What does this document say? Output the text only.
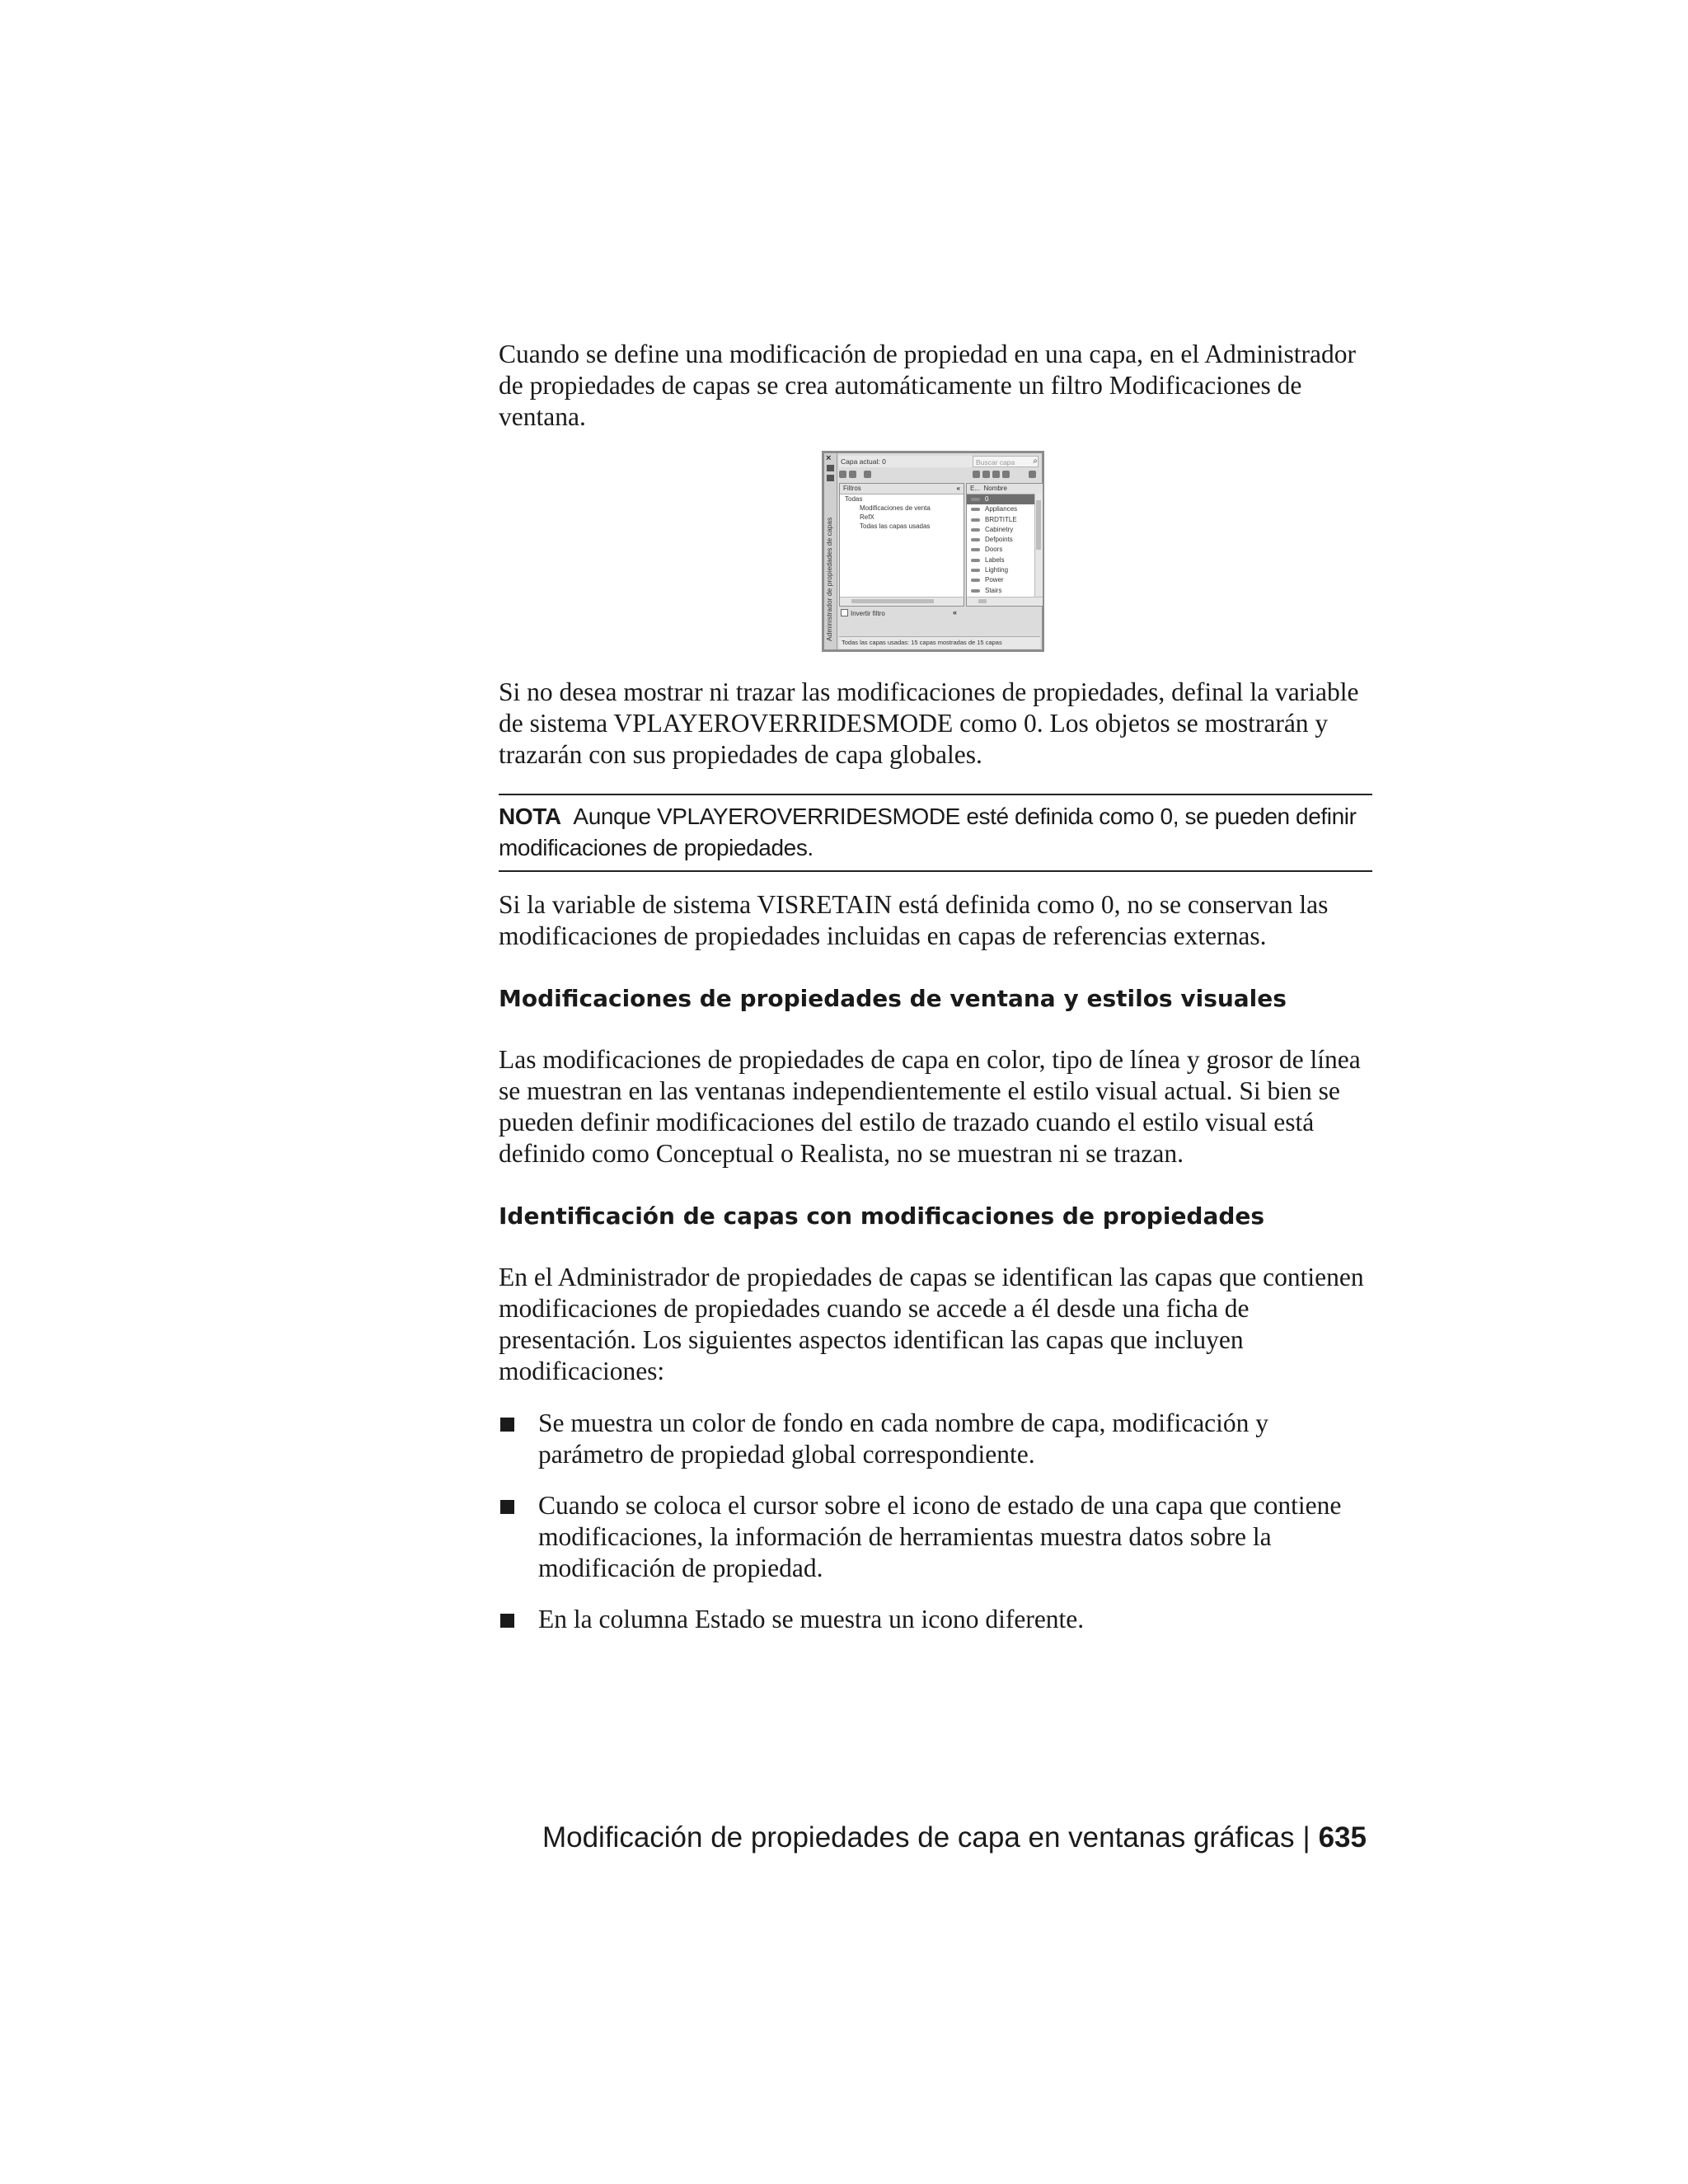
Cuando se define una modificación de propiedad en una capa, en el Administrador de propiedades de capas se crea automáticamente un filtro Modificaciones de ventana.

×
Administrador de propiedades de capas
Capa actual: 0	Buscar capa	⌕
Filtros	«
Todas
Modificaciones de venta
RefX
Todas las capas usadas
E... Nombre
0
Appliances
BRDTITLE
Cabinetry
Defpoints
Doors
Labels
Lighting
Power
Stairs
Invertir filtro	«
Todas las capas usadas: 15 capas mostradas de 15 capas

Si no desea mostrar ni trazar las modificaciones de propiedades, definal la variable de sistema VPLAYEROVERRIDESMODE como 0. Los objetos se mostrarán y trazarán con sus propiedades de capa globales.

NOTA Aunque VPLAYEROVERRIDESMODE esté definida como 0, se pueden definir modificaciones de propiedades.

Si la variable de sistema VISRETAIN está definida como 0, no se conservan las modificaciones de propiedades incluidas en capas de referencias externas.

Modificaciones de propiedades de ventana y estilos visuales

Las modificaciones de propiedades de capa en color, tipo de línea y grosor de línea se muestran en las ventanas independientemente el estilo visual actual. Si bien se pueden definir modificaciones del estilo de trazado cuando el estilo visual está definido como Conceptual o Realista, no se muestran ni se trazan.

Identificación de capas con modificaciones de propiedades

En el Administrador de propiedades de capas se identifican las capas que contienen modificaciones de propiedades cuando se accede a él desde una ficha de presentación. Los siguientes aspectos identifican las capas que incluyen modificaciones:

Se muestra un color de fondo en cada nombre de capa, modificación y parámetro de propiedad global correspondiente.
Cuando se coloca el cursor sobre el icono de estado de una capa que contiene modificaciones, la información de herramientas muestra datos sobre la modificación de propiedad.
En la columna Estado se muestra un icono diferente.
Modificación de propiedades de capa en ventanas gráficas | 635
